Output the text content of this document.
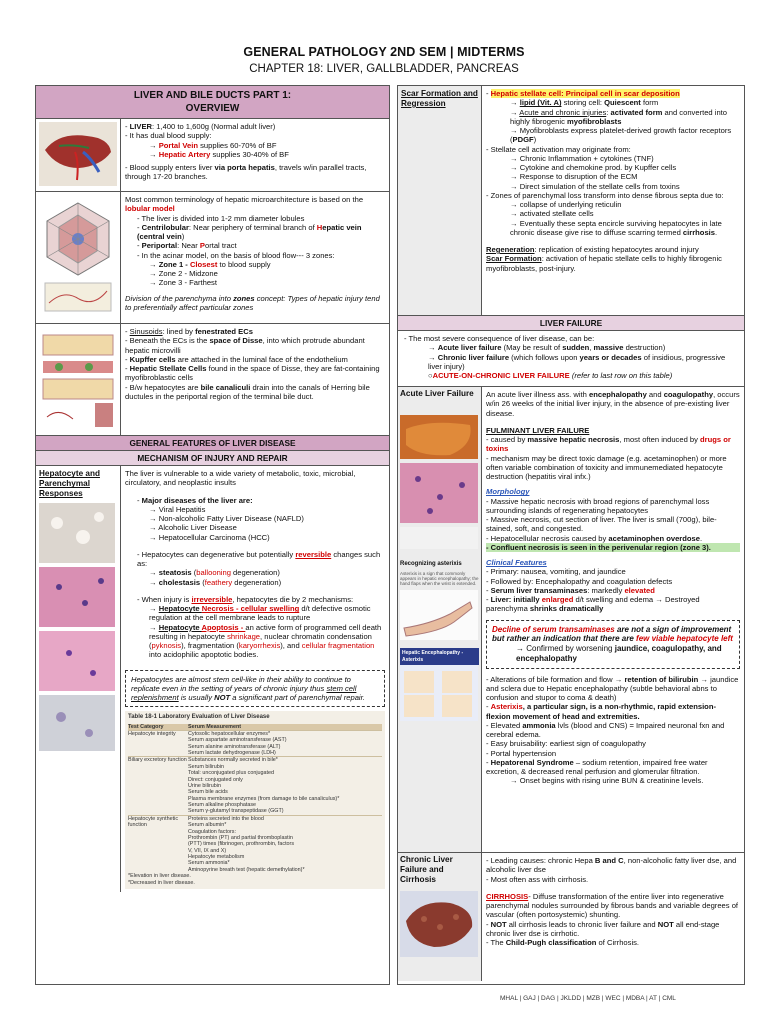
GENERAL PATHOLOGY 2ND SEM | MIDTERMS
CHAPTER 18: LIVER, GALLBLADDER, PANCREAS
LIVER AND BILE DUCTS PART 1:
OVERVIEW
- LIVER: 1,400 to 1,600g (Normal adult liver)
- It has dual blood supply:
→ Portal Vein supplies 60-70% of BF
→ Hepatic Artery supplies 30-40% of BF
- Blood supply enters liver via porta hepatis, travels w/in parallel tracts, through 17-20 branches.
Most common terminology of hepatic microarchitecture is based on the lobular model
- The liver is divided into 1-2 mm diameter lobules
- Centrilobular: Near periphery of terminal branch of Hepatic vein (central vein)
- Periportal: Near Portal tract
- In the acinar model, on the basis of blood flow--- 3 zones:
→ Zone 1 - Closest to blood supply
→ Zone 2 - Midzone
→ Zone 3 - Farthest
Division of the parenchyma into zones concept: Types of hepatic injury tend to preferentially affect particular zones
- Sinusoids: lined by fenestrated ECs
- Beneath the ECs is the space of Disse, into which protrude abundant hepatic microvilli
- Kupffer cells are attached in the luminal face of the endothelium
- Hepatic Stellate Cells found in the space of Disse, they are fat-containing myofibroblastic cells
- B/w hepatocytes are bile canaliculi drain into the canals of Herring bile ductules in the periportal region of the terminal bile duct.
GENERAL FEATURES OF LIVER DISEASE
MECHANISM OF INJURY AND REPAIR
Hepatocyte and Parenchymal Responses
The liver is vulnerable to a wide variety of metabolic, toxic, microbial, circulatory, and neoplastic insults
- Major diseases of the liver are:
→ Viral Hepatitis
→ Non-alcoholic Fatty Liver Disease (NAFLD)
→ Alcoholic Liver Disease
→ Hepatocellular Carcinoma (HCC)
- Hepatocytes can degenerative but potentially reversible changes such as:
→ steatosis (ballooning degeneration)
→ cholestasis (feathery degeneration)
- When injury is irreversible, hepatocytes die by 2 mechanisms:
→ Hepatocyte Necrosis - cellular swelling d/t defective osmotic regulation at the cell membrane leads to rupture
→ Hepatocyte Apoptosis - an active form of programmed cell death resulting in hepatocyte shrinkage, nuclear chromatin condensation (pyknosis), fragmentation (karyorrhexis), and cellular fragmentation into acidophilic apoptotic bodies.
Hepatocytes are almost stem cell-like in their ability to continue to replicate even in the setting of years of chronic injury thus stem cell replenishment is usually NOT a significant part of parenchymal repair.
Table 18-1 Laboratory Evaluation of Liver Disease
Test Category	Serum Measurement
Hepatocyte integrity	Cytosolic hepatocellular enzymes*
Serum aspartate aminotransferase (AST)
Serum alanine aminotransferase (ALT)
Serum lactate dehydrogenase (LDH)
Biliary excretory function Substances normally secreted in bile*
Serum bilirubin
Total: unconjugated plus conjugated
Direct: conjugated only
Urine bilirubin
Serum bile acids
Plasma membrane enzymes (from damage to bile canaliculus)*
Serum alkaline phosphatase
Serum γ-glutamyl transpeptidase (GGT)
Hepatocyte synthetic function
Proteins secreted into the blood
Serum albumin*
Coagulation factors:
Prothrombin (PT) and partial thromboplastin
(PTT) times (fibrinogen, prothrombin, factors
V, VII, IX and X)
Hepatocyte metabolism
Serum ammonia*
Aminopyrine breath test (hepatic demethylation)*
*Elevation in liver disease.
*Decreased in liver disease.
Scar Formation and Regression
- Hepatic stellate cell: Principal cell in scar deposition
→ lipid (Vit. A) storing cell: Quiescent form
→ Acute and chronic injuries: activated form and converted into highly fibrogenic myofibroblasts
→ Myofibroblasts express platelet-derived growth factor receptors (PDGF)
- Stellate cell activation may originate from:
→ Chronic Inflammation + cytokines (TNF)
→ Cytokine and chemokine prod. by Kupffer cells
→ Response to disruption of the ECM
→ Direct simulation of the stellate cells from toxins
- Zones of parenchymal loss transform into dense fibrous septa due to:
→ collapse of underlying reticulin
→ activated stellate cells
→ Eventually these septa encircle surviving hepatocytes in late chronic disease give rise to diffuse scarring termed cirrhosis.
Regeneration: replication of existing hepatocytes around injury
Scar Formation: activation of hepatic stellate cells to highly fibrogenic myofibroblasts, post-injury.
LIVER FAILURE
- The most severe consequence of liver disease, can be:
→ Acute liver failure (May be result of sudden, massive destruction)
→ Chronic liver failure (which follows upon years or decades of insidious, progressive liver injury)
○ACUTE-ON-CHRONIC LIVER FAILURE (refer to last row on this table)
Acute Liver Failure
Recognizing asterixis
Asterixis is a sign that commonly appears in hepatic encephalopathy; the hand flaps when the wrist is extended.
Hepatic Encephalopathy - Asterixis
An acute liver illness ass. with encephalopathy and coagulopathy, occurs w/in 26 weeks of the initial liver injury, in the absence of pre-existing liver disease.
FULMINANT LIVER FAILURE
- caused by massive hepatic necrosis, most often induced by drugs or toxins
- mechanism may be direct toxic damage (e.g. acetaminophen) or more often variable combination of toxicity and immunemediated hepatocyte destruction (hepatitis viral infx.)
Morphology
- Massive hepatic necrosis with broad regions of parenchymal loss surrounding islands of regenerating hepatocytes
- Massive necrosis, cut section of liver. The liver is small (700g), bile-stained, soft, and congested.
- Hepatocellular necrosis caused by acetaminophen overdose.
- Confluent necrosis is seen in the perivenular region (zone 3).
Clinical Features
- Primary: nausea, vomiting, and jaundice
- Followed by: Encephalopathy and coagulation defects
- Serum liver transaminases: markedly elevated
- Liver: initially enlarged d/t swelling and edema → Destroyed parenchyma shrinks dramatically
Decline of serum transaminases are not a sign of improvement but rather an indication that there are few viable hepatocyte left
→ Confirmed by worsening jaundice, coagulopathy, and encephalopathy
- Alterations of bile formation and flow → retention of bilirubin → jaundice and sclera due to Hepatic encephalopathy (subtle behavioral abns to confusion and stupor to coma & death)
- Asterixis, a particular sign, is a non-rhythmic, rapid extension-flexion movement of head and extremities.
- Elevated ammonia lvls (blood and CNS) = Impaired neuronal fxn and cerebral edema.
- Easy bruisability: earliest sign of coagulopathy
- Portal hypertension
- Hepatorenal Syndrome – sodium retention, impaired free water excretion, & decreased renal perfusion and glomerular filtration.
→ Onset begins with rising urine BUN & creatinine levels.
Chronic Liver Failure and Cirrhosis
- Leading causes: chronic Hepa B and C, non-alcoholic fatty liver dse, and alcoholic liver dse
- Most often ass with cirrhosis.
CIRRHOSIS- Diffuse transformation of the entire liver into regenerative parenchymal nodules surrounded by fibrous bands and variable degrees of vascular (often portosystemic) shunting.
- NOT all cirrhosis leads to chronic liver failure and NOT all end-stage chronic liver dse is cirrhotic.
- The Child-Pugh classification of Cirrhosis.
MHAL | GAJ | DAG | JKLDD | MZB | WEC | MDBA | AT | CML
